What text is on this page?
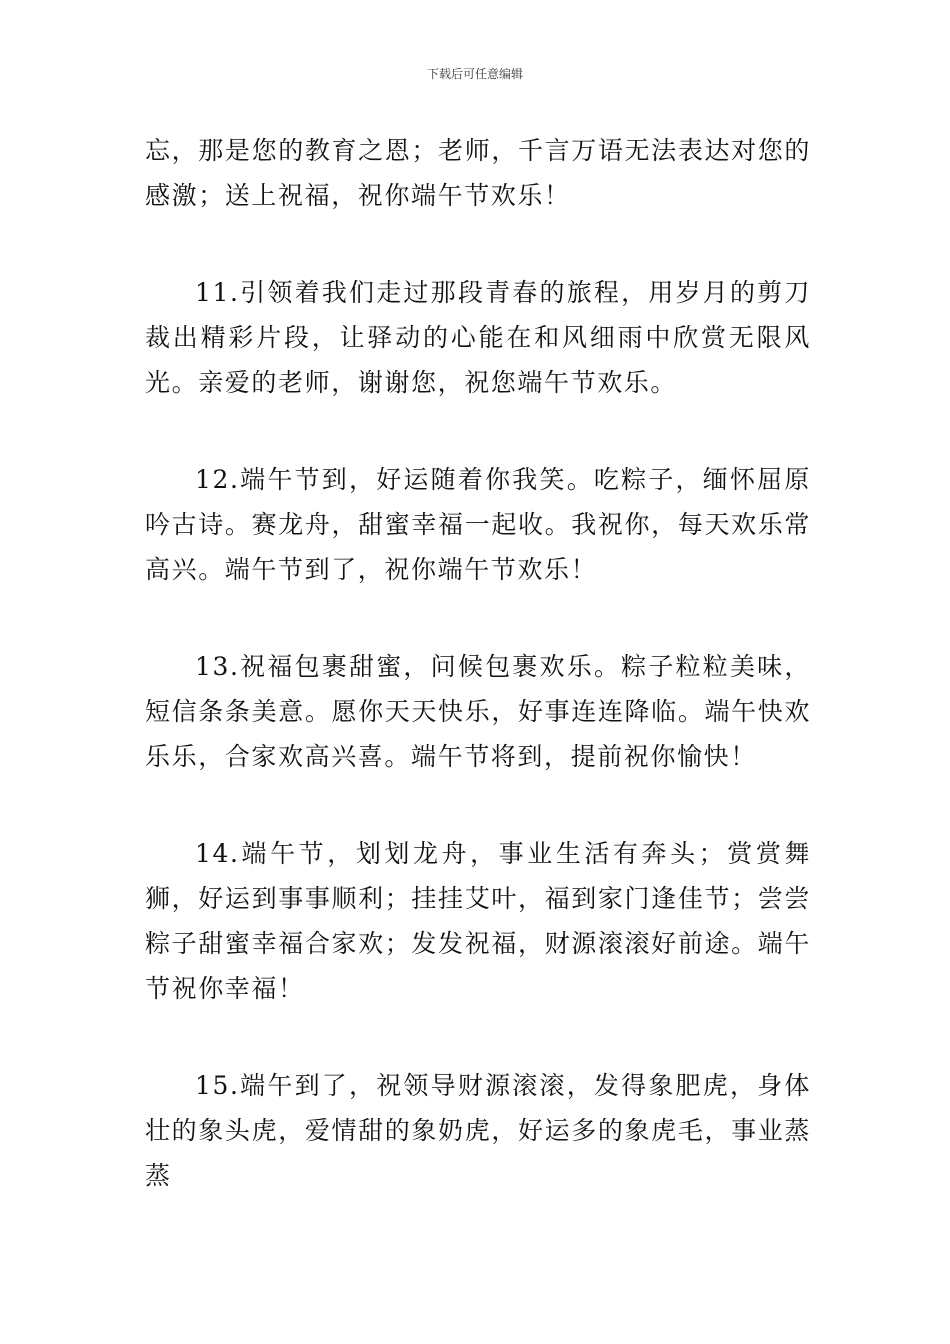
下载后可任意编辑

忘，那是您的教育之恩；老师，千言万语无法表达对您的感激；送上祝福，祝你端午节欢乐！

11.引领着我们走过那段青春的旅程，用岁月的剪刀裁出精彩片段，让驿动的心能在和风细雨中欣赏无限风光。亲爱的老师，谢谢您，祝您端午节欢乐。

12.端午节到，好运随着你我笑。吃粽子，缅怀屈原吟古诗。赛龙舟，甜蜜幸福一起收。我祝你，每天欢乐常高兴。端午节到了，祝你端午节欢乐！

13.祝福包裹甜蜜，问候包裹欢乐。粽子粒粒美味，短信条条美意。愿你天天快乐，好事连连降临。端午快欢乐乐，合家欢高兴喜。端午节将到，提前祝你愉快！

14.端午节，划划龙舟，事业生活有奔头；赏赏舞狮，好运到事事顺利；挂挂艾叶，福到家门逢佳节；尝尝粽子甜蜜幸福合家欢；发发祝福，财源滚滚好前途。端午节祝你幸福！

15.端午到了，祝领导财源滚滚，发得象肥虎，身体壮的象头虎，爱情甜的象奶虎，好运多的象虎毛，事业蒸蒸
